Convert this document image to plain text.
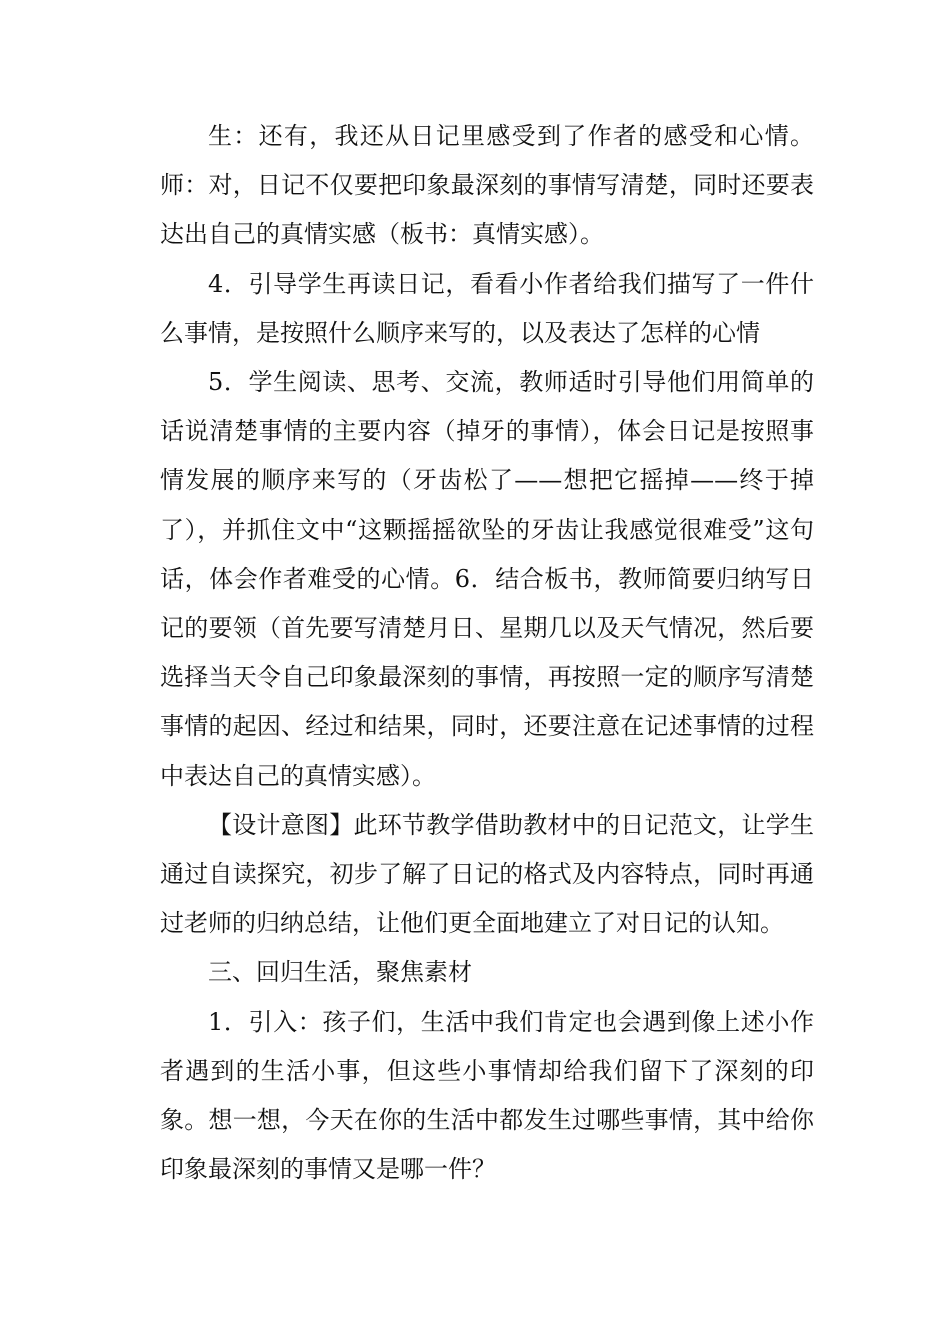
生：还有，我还从日记里感受到了作者的感受和心情。师：对，日记不仅要把印象最深刻的事情写清楚，同时还要表达出自己的真情实感（板书：真情实感）。

4．引导学生再读日记，看看小作者给我们描写了一件什么事情，是按照什么顺序来写的，以及表达了怎样的心情

5．学生阅读、思考、交流，教师适时引导他们用简单的话说清楚事情的主要内容（掉牙的事情），体会日记是按照事情发展的顺序来写的（牙齿松了——想把它摇掉——终于掉了），并抓住文中“这颗摇摇欲坠的牙齿让我感觉很难受”这句话，体会作者难受的心情。6．结合板书，教师简要归纳写日记的要领（首先要写清楚月日、星期几以及天气情况，然后要选择当天令自己印象最深刻的事情，再按照一定的顺序写清楚事情的起因、经过和结果，同时，还要注意在记述事情的过程中表达自己的真情实感）。

【设计意图】此环节教学借助教材中的日记范文，让学生通过自读探究，初步了解了日记的格式及内容特点，同时再通过老师的归纳总结，让他们更全面地建立了对日记的认知。

三、回归生活，聚焦素材

1．引入：孩子们，生活中我们肯定也会遇到像上述小作者遇到的生活小事，但这些小事情却给我们留下了深刻的印象。想一想，今天在你的生活中都发生过哪些事情，其中给你印象最深刻的事情又是哪一件？
